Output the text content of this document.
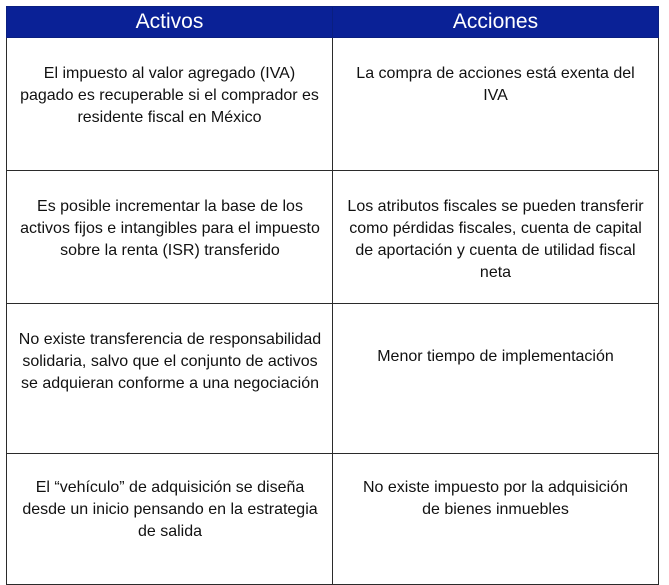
Activos	Acciones
El impuesto al valor agregado (IVA) pagado es recuperable si el comprador es residente fiscal en México	La compra de acciones está exenta del IVA
Es posible incrementar la base de los activos fijos e intangibles para el impuesto sobre la renta (ISR) transferido	Los atributos fiscales se pueden transferir como pérdidas fiscales, cuenta de capital de aportación y cuenta de utilidad fiscal neta
No existe transferencia de responsabilidad solidaria, salvo que el conjunto de activos se adquieran conforme a una negociación	Menor tiempo de implementación
El “vehículo” de adquisición se diseña desde un inicio pensando en la estrategia de salida	No existe impuesto por la adquisición de bienes inmuebles
